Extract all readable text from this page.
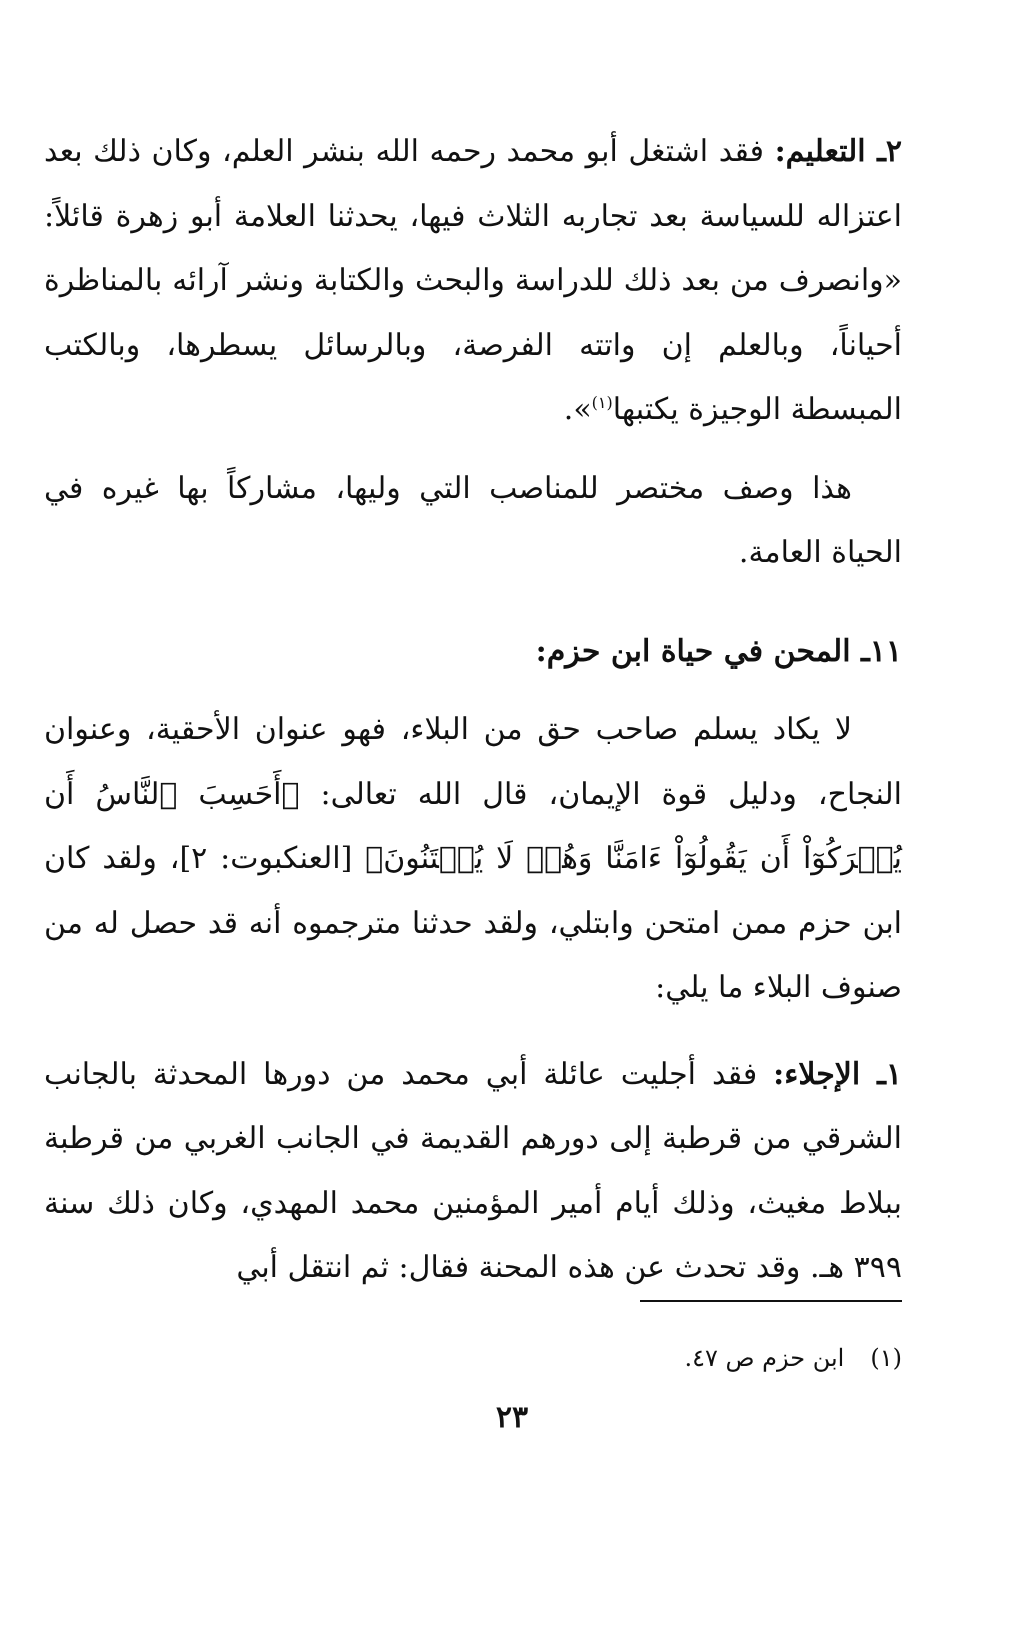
٢ـ التعليم: فقد اشتغل أبو محمد رحمه الله بنشر العلم، وكان ذلك بعد اعتزاله للسياسة بعد تجاربه الثلاث فيها، يحدثنا العلامة أبو زهرة قائلاً: «وانصرف من بعد ذلك للدراسة والبحث والكتابة ونشر آرائه بالمناظرة أحياناً، وبالعلم إن واتته الفرصة، وبالرسائل يسطرها، وبالكتب المبسطة الوجيزة يكتبها$^{(١)}$».

هذا وصف مختصر للمناصب التي وليها، مشاركاً بها غيره في الحياة العامة.

١١ـ المحن في حياة ابن حزم:

لا يكاد يسلم صاحب حق من البلاء، فهو عنوان الأحقية، وعنوان النجاح، ودليل قوة الإيمان، قال الله تعالى: ﴿أَحَسِبَ ٱلنَّاسُ أَن يُتۡرَكُوٓاْ أَن يَقُولُوٓاْ ءَامَنَّا وَهُمۡ لَا يُفۡتَنُونَ﴾ [العنكبوت: ٢]، ولقد كان ابن حزم ممن امتحن وابتلي، ولقد حدثنا مترجموه أنه قد حصل له من صنوف البلاء ما يلي:

١ـ الإجلاء: فقد أجليت عائلة أبي محمد من دورها المحدثة بالجانب الشرقي من قرطبة إلى دورهم القديمة في الجانب الغربي من قرطبة ببلاط مغيث، وذلك أيام أمير المؤمنين محمد المهدي، وكان ذلك سنة ٣٩٩ هـ. وقد تحدث عن هذه المحنة فقال: ثم انتقل أبي

(١)
ابن حزم ص ٤٧.
٢٣
